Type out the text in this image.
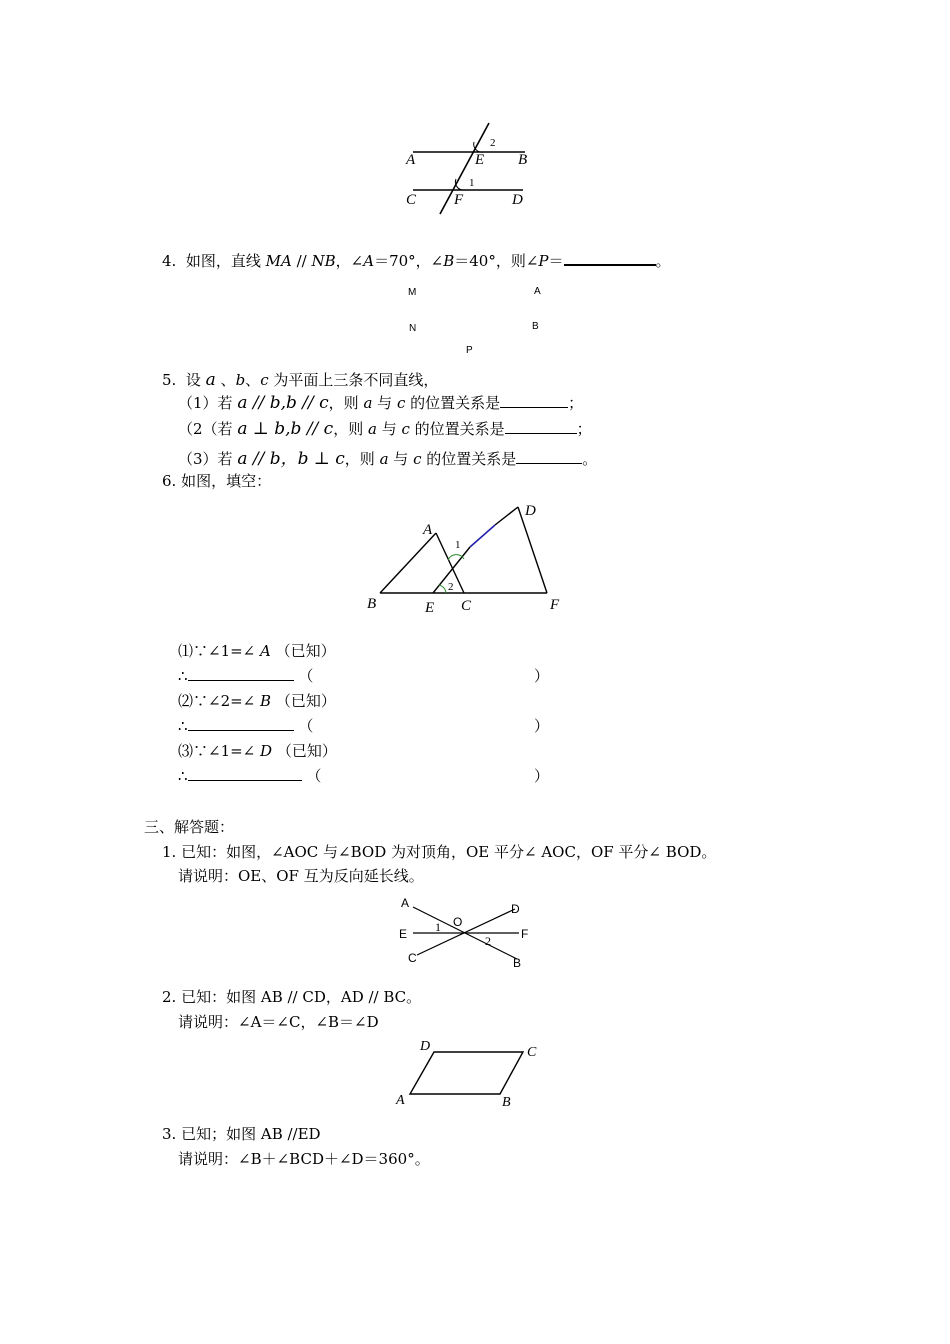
A	E B
C	F	D
1
2
4. 如图，直线 MA // NB，∠A＝70°，∠B＝40°，则∠P＝	。
M	A
N	B
P
5. 设 a 、b、c 为平面上三条不同直线，
（1）若 a // b,b // c，则 a 与 c 的位置关系是	；
（2（若 a ⊥ b,b // c，则 a 与 c 的位置关系是	；
（3）若 a // b，b ⊥ c，则 a 与 c 的位置关系是	。
6. 如图，填空：
A
D
B	E C	F
1
2
⑴∵∠1=∠ A （已知）
∴	（	）
⑵∵∠2=∠ B （已知）
∴	（	）
⑶∵∠1=∠ D （已知）
∴	（	）
三、解答题：
1. 已知：如图，∠AOC 与∠BOD 为对顶角，OE 平分∠ AOC，OF 平分∠ BOD。
请说明：OE、OF 互为反向延长线。
A
O
D
E	F
C	B
1
2
2. 已知：如图 AB // CD，AD // BC。
请说明：∠A＝∠C，∠B＝∠D
D	C
A	B
3. 已知；如图 AB //ED
请说明：∠B＋∠BCD＋∠D＝360°。
